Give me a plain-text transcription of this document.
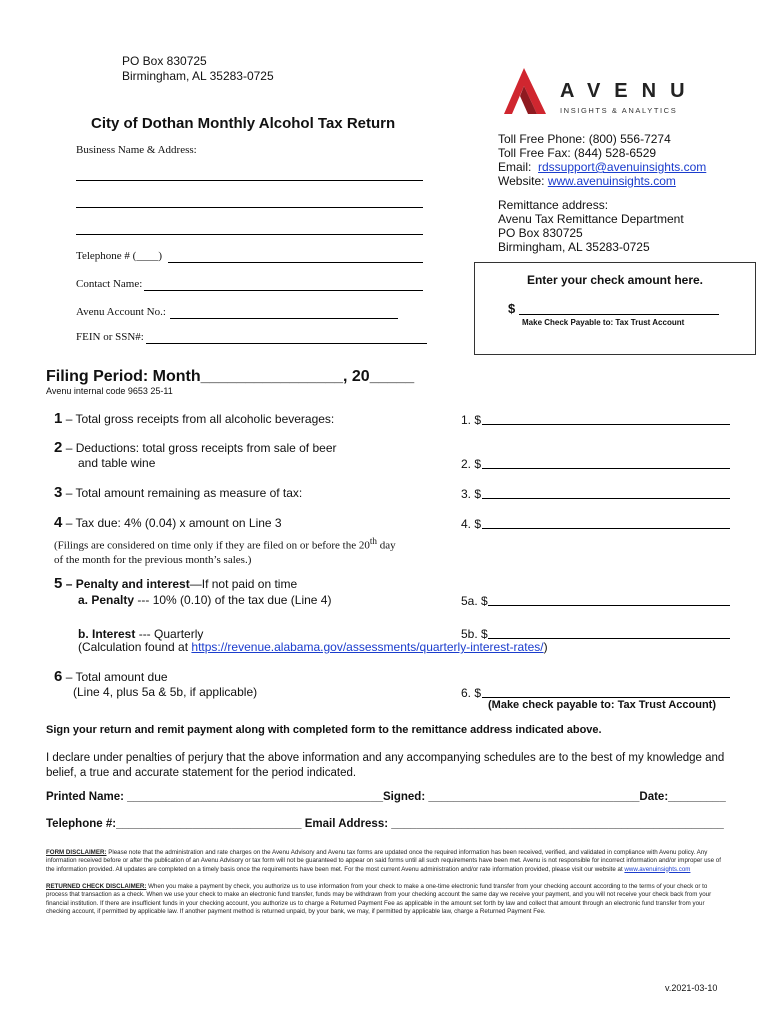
PO Box 830725
Birmingham, AL 35283-0725
AVENU
INSIGHTS & ANALYTICS
City of Dothan Monthly Alcohol Tax Return
Toll Free Phone: (800) 556-7274
Toll Free Fax: (844) 528-6529
Email: rdssupport@avenuinsights.com
Website: www.avenuinsights.com
Remittance address:
Avenu Tax Remittance Department
PO Box 830725
Birmingham, AL 35283-0725
Business Name & Address:
Telephone # (____)
Contact Name:
Avenu Account No.:
FEIN or SSN#:
Enter your check amount here.
$
Make Check Payable to: Tax Trust Account
Filing Period: Month________________, 20_____
Avenu internal code 9653 25-11
1 – Total gross receipts from all alcoholic beverages:	1. $
2 – Deductions: total gross receipts from sale of beer
and table wine	2. $
3 – Total amount remaining as measure of tax:	3. $
4 – Tax due: 4% (0.04) x amount on Line 3	4. $
(Filings are considered on time only if they are filed on or before the 20th day
of the month for the previous month’s sales.)
5 – Penalty and interest—If not paid on time
a. Penalty --- 10% (0.10) of the tax due (Line 4)	5a. $
b. Interest --- Quarterly	5b. $
(Calculation found at https://revenue.alabama.gov/assessments/quarterly-interest-rates/)
6 – Total amount due
(Line 4, plus 5a & 5b, if applicable)	6. $
(Make check payable to: Tax Trust Account)
Sign your return and remit payment along with completed form to the remittance address indicated above.
I declare under penalties of perjury that the above information and any accompanying schedules are to the best of my knowledge and
belief, a true and accurate statement for the period indicated.
Printed Name: ________________________________________Signed: _________________________________Date:_________
Telephone #:_____________________________ Email Address: ____________________________________________________
FORM DISCLAIMER: Please note that the administration and rate charges on the Avenu Advisory and Avenu tax forms are updated once the required information has been received, verified, and validated in compliance with Avenu policy. Any information received before or after the publication of an Avenu Advisory or tax form will not be guaranteed to appear on said forms until all such requirements have been met. Avenu is not responsible for incorrect information and/or improper use of the information provided. All updates are completed on a timely basis once the requirements have been met. For the most current Avenu administration and/or rate information provided, please visit our website at www.avenuinsights.com
RETURNED CHECK DISCLAIMER: When you make a payment by check, you authorize us to use information from your check to make a one-time electronic fund transfer from your checking account according to the terms of your check or to process that transaction as a check. When we use your check to make an electronic fund transfer, funds may be withdrawn from your checking account the same day we receive your payment, and you will not receive your check back from your financial institution. If there are insufficient funds in your checking account, you authorize us to charge a Returned Payment Fee as applicable in the amount set forth by law and collect that amount through an electronic fund transfer from your checking account, if permitted by applicable law. If another payment method is returned unpaid, by your bank, we may, if permitted by applicable law, charge a Returned Payment Fee.
v.2021-03-10
